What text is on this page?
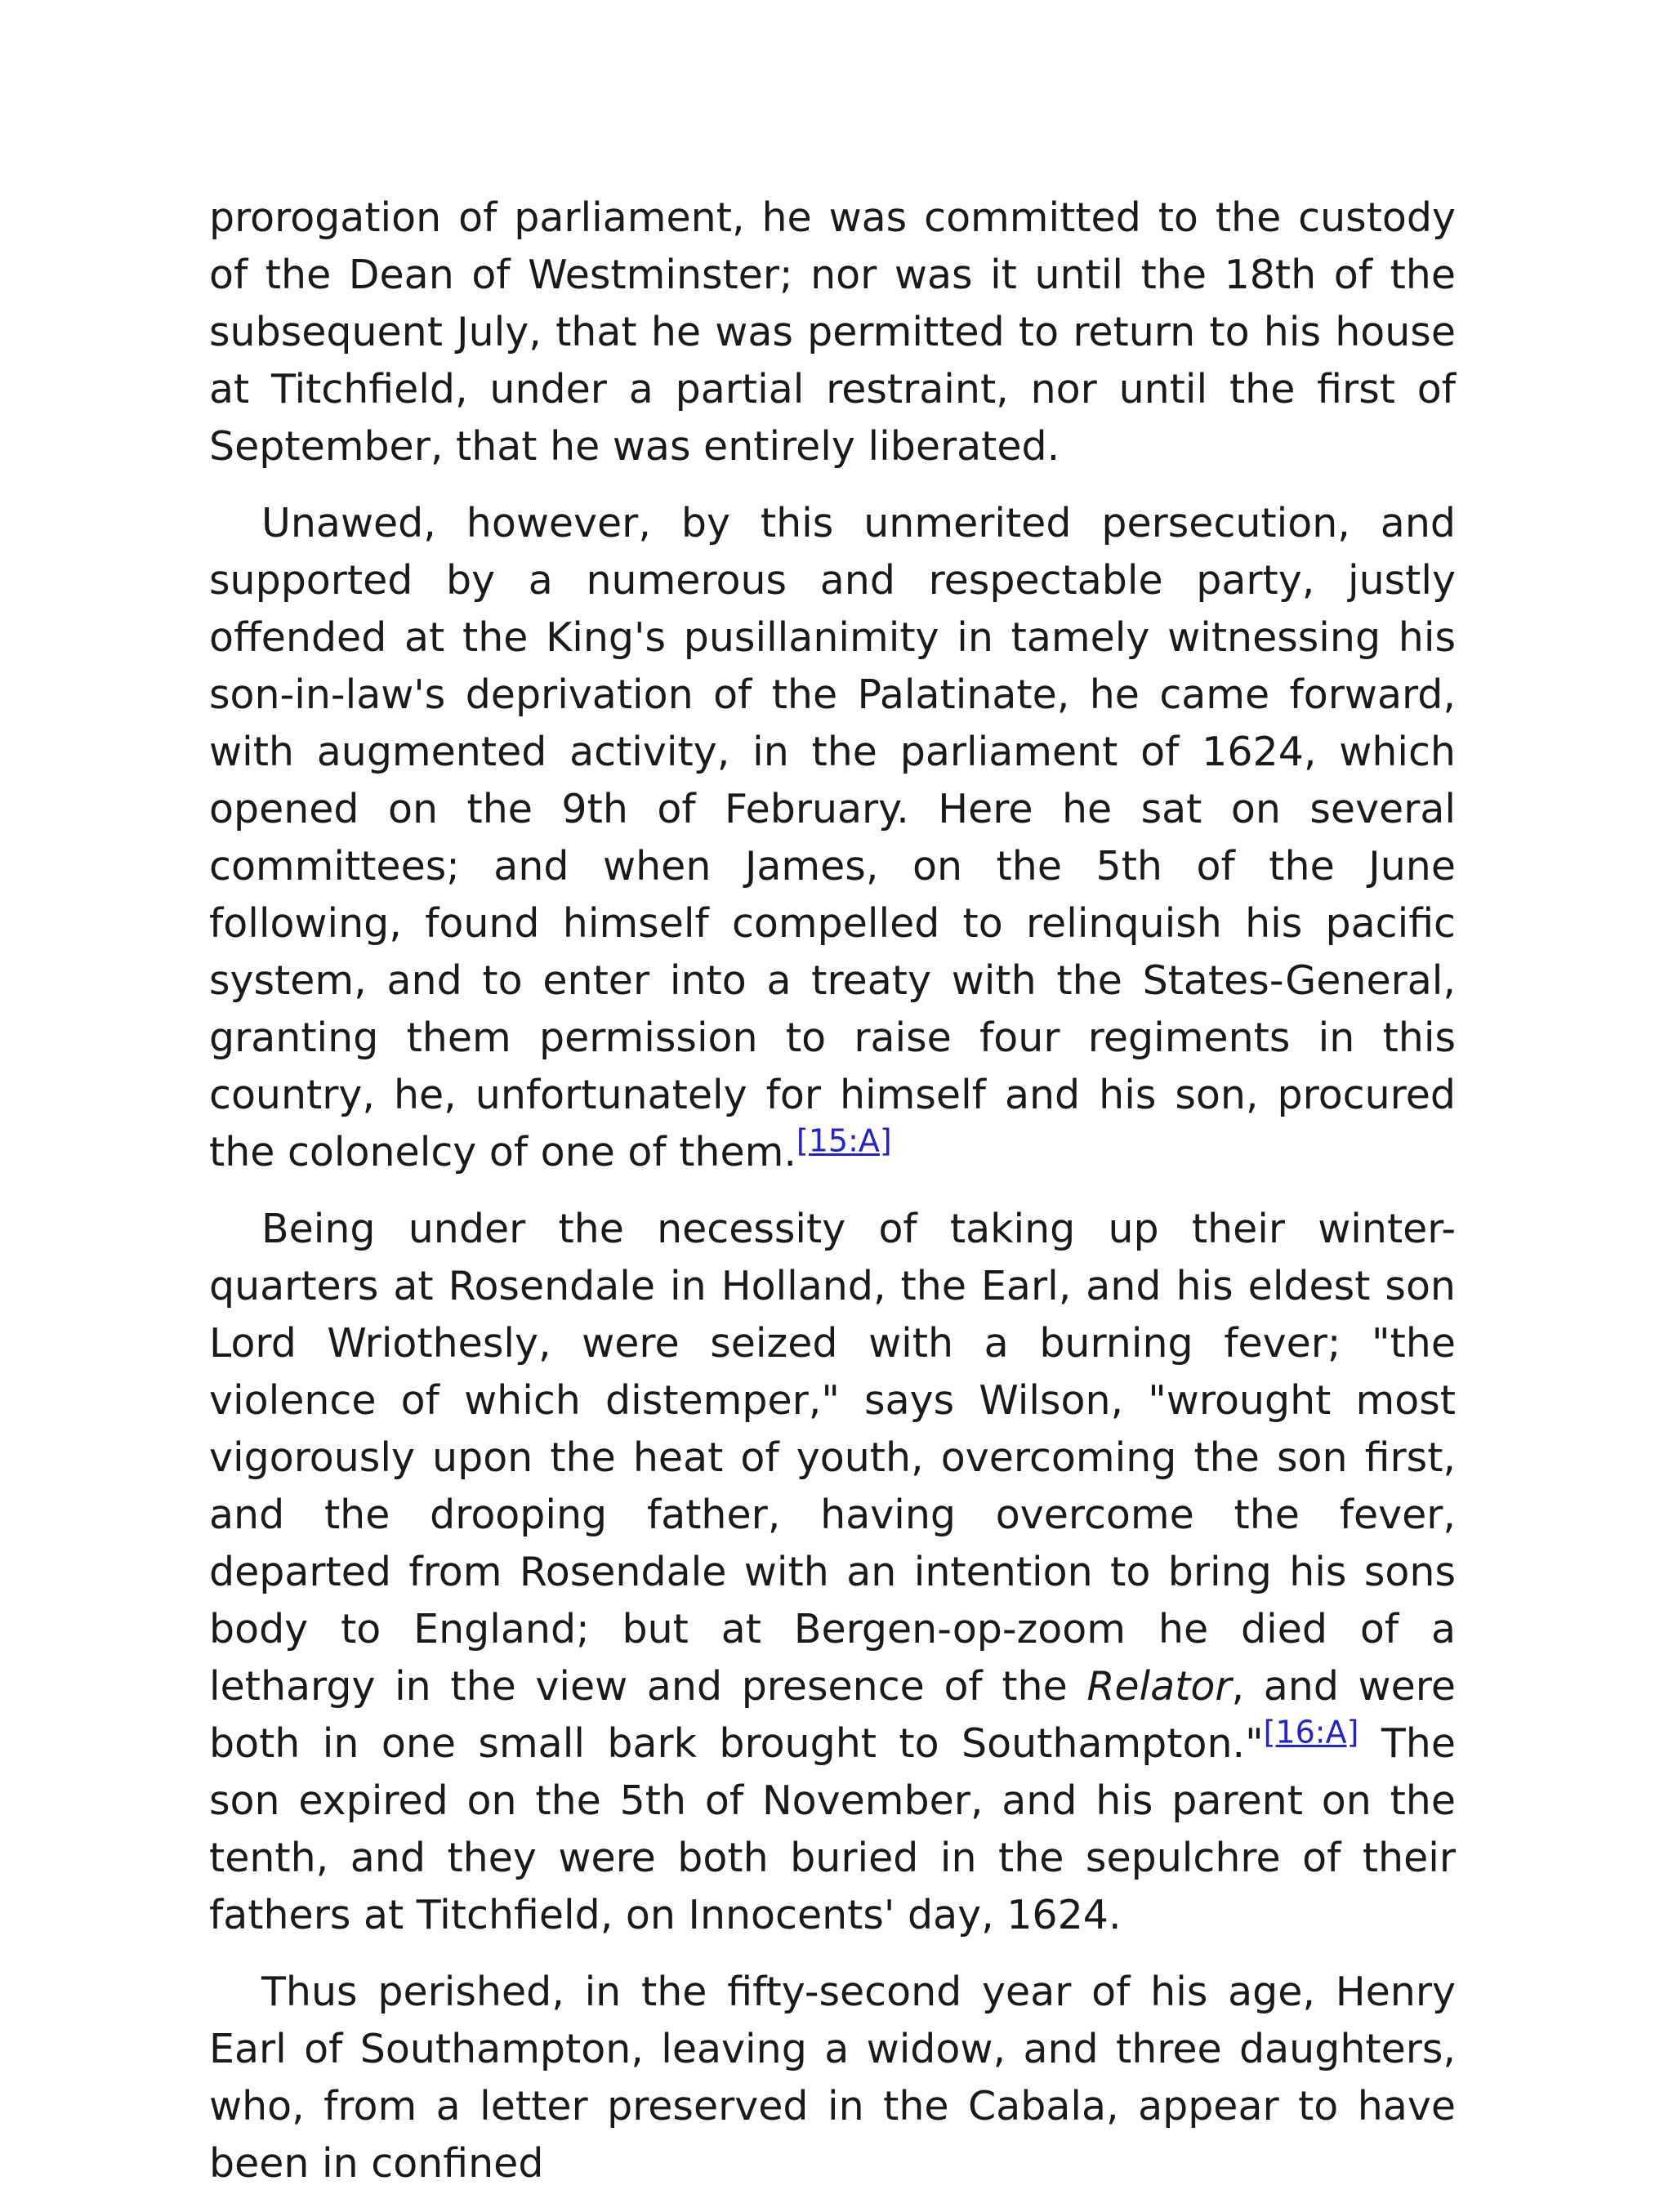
prorogation of parliament, he was committed to the custody of the Dean of Westminster; nor was it until the 18th of the subsequent July, that he was permitted to return to his house at Titchfield, under a partial restraint, nor until the first of September, that he was entirely liberated.

Unawed, however, by this unmerited persecution, and supported by a numerous and respectable party, justly offended at the King's pusillanimity in tamely witnessing his son-in-law's deprivation of the Palatinate, he came forward, with augmented activity, in the parliament of 1624, which opened on the 9th of February. Here he sat on several committees; and when James, on the 5th of the June following, found himself compelled to relinquish his pacific system, and to enter into a treaty with the States-General, granting them permission to raise four regiments in this country, he, unfortunately for himself and his son, procured the colonelcy of one of them.[15:A]

Being under the necessity of taking up their winter-quarters at Rosendale in Holland, the Earl, and his eldest son Lord Wriothesly, were seized with a burning fever; "the violence of which distemper," says Wilson, "wrought most vigorously upon the heat of youth, overcoming the son first, and the drooping father, having overcome the fever, departed from Rosendale with an intention to bring his sons body to England; but at Bergen-op-zoom he died of a lethargy in the view and presence of the Relator, and were both in one small bark brought to Southampton."[16:A] The son expired on the 5th of November, and his parent on the tenth, and they were both buried in the sepulchre of their fathers at Titchfield, on Innocents' day, 1624.

Thus perished, in the fifty-second year of his age, Henry Earl of Southampton, leaving a widow, and three daughters, who, from a letter preserved in the Cabala, appear to have been in confined
